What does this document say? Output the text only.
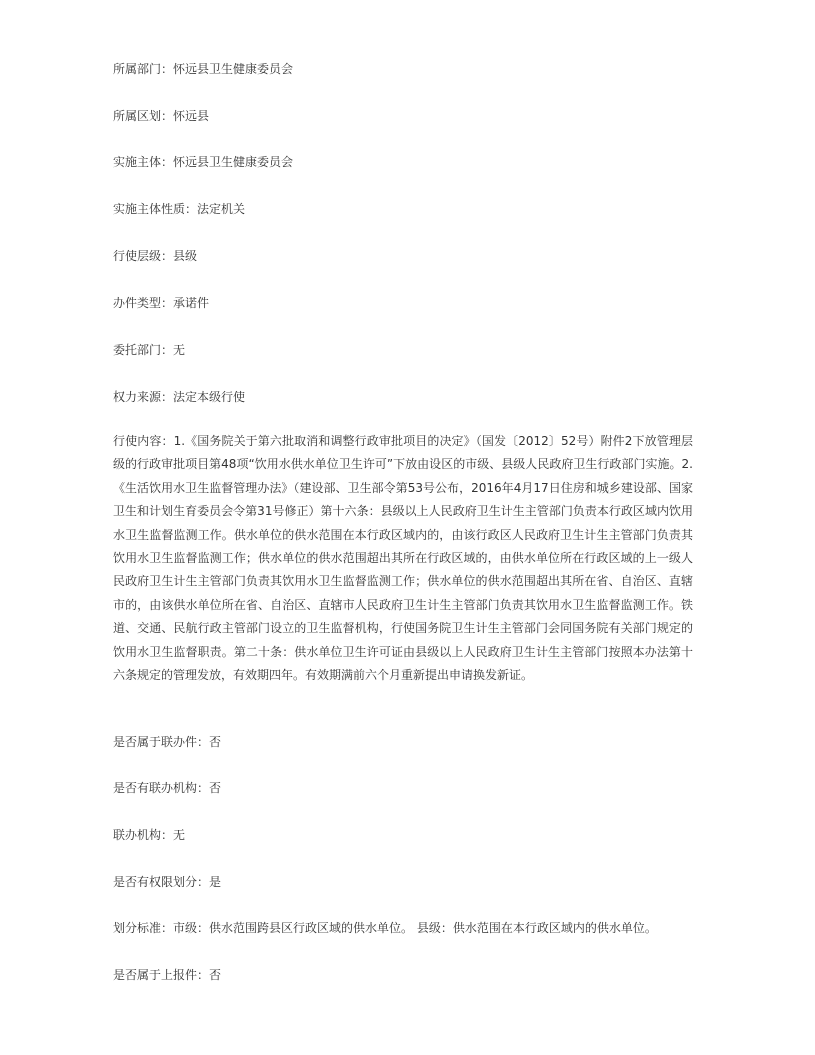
所属部门：怀远县卫生健康委员会
所属区划：怀远县
实施主体：怀远县卫生健康委员会
实施主体性质：法定机关
行使层级：县级
办件类型：承诺件
委托部门：无
权力来源：法定本级行使
行使内容：1.《国务院关于第六批取消和调整行政审批项目的决定》（国发〔2012〕52号）附件2下放管理层级的行政审批项目第48项“饮用水供水单位卫生许可”下放由设区的市级、县级人民政府卫生行政部门实施。2.《生活饮用水卫生监督管理办法》（建设部、卫生部令第53号公布，2016年4月17日住房和城乡建设部、国家卫生和计划生育委员会令第31号修正）第十六条：县级以上人民政府卫生计生主管部门负责本行政区域内饮用水卫生监督监测工作。供水单位的供水范围在本行政区域内的，由该行政区人民政府卫生计生主管部门负责其饮用水卫生监督监测工作；供水单位的供水范围超出其所在行政区域的，由供水单位所在行政区域的上一级人民政府卫生计生主管部门负责其饮用水卫生监督监测工作；供水单位的供水范围超出其所在省、自治区、直辖市的，由该供水单位所在省、自治区、直辖市人民政府卫生计生主管部门负责其饮用水卫生监督监测工作。铁道、交通、民航行政主管部门设立的卫生监督机构，行使国务院卫生计生主管部门会同国务院有关部门规定的饮用水卫生监督职责。第二十条：供水单位卫生许可证由县级以上人民政府卫生计生主管部门按照本办法第十六条规定的管理发放，有效期四年。有效期满前六个月重新提出申请换发新证。
是否属于联办件：否
是否有联办机构：否
联办机构：无
是否有权限划分：是
划分标准：市级：供水范围跨县区行政区域的供水单位。 县级：供水范围在本行政区域内的供水单位。
是否属于上报件：否
